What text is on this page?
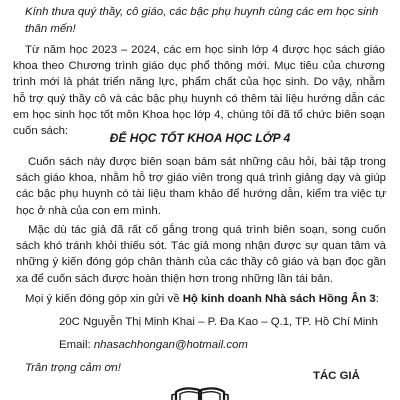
Kính thưa quý thầy, cô giáo, các bậc phụ huynh cùng các em học sinh thân mến!

Từ năm học 2023 – 2024, các em học sinh lớp 4 được học sách giáo khoa theo Chương trình giáo dục phổ thông mới. Mục tiêu của chương trình mới là phát triển năng lực, phẩm chất của học sinh. Do vậy, nhằm hỗ trợ quý thầy cô và các bậc phụ huynh có thêm tài liệu hướng dẫn các em học sinh học tốt môn Khoa học lớp 4, chúng tôi đã tổ chức biên soạn cuốn sách:	ĐỂ HỌC TỐT KHOA HỌC LỚP 4

Cuốn sách này được biên soạn bám sát những câu hỏi, bài tập trong sách giáo khoa, nhằm hỗ trợ giáo viên trong quá trình giảng dạy và giúp các bậc phụ huynh có tài liệu tham khảo để hướng dẫn, kiểm tra việc tự học ở nhà của con em mình.

Mặc dù tác giả đã rất cố gắng trong quá trình biên soạn, song cuốn sách khó tránh khỏi thiếu sót. Tác giả mong nhận được sự quan tâm và những ý kiến đóng góp chân thành của các thầy cô giáo và bạn đọc gần xa để cuốn sách được hoàn thiện hơn trong những lần tái bản.

Mọi ý kiến đóng góp xin gửi về Hộ kinh doanh Nhà sách Hồng Ân 3:

20C Nguyễn Thị Minh Khai – P. Đa Kao – Q.1, TP. Hồ Chí Minh

Email: nhasachhongan@hotmail.com

Trân trọng cảm ơn!

TÁC GIẢ
